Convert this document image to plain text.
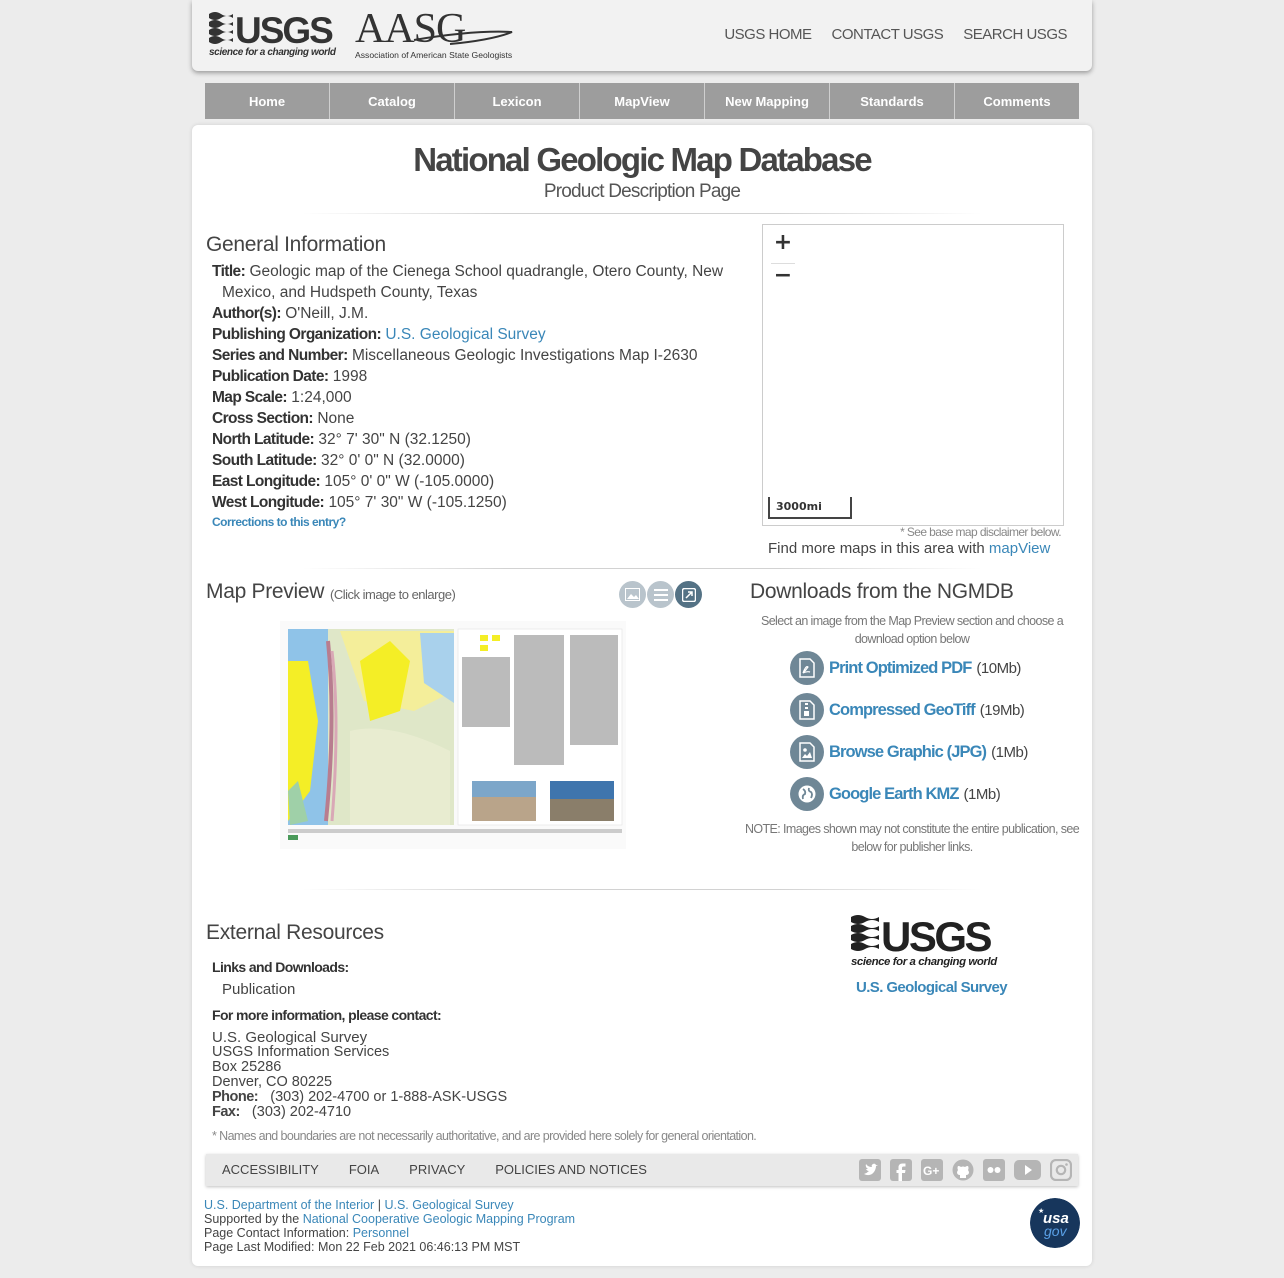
USGS
science for a changing world
AASG
Association of American State Geologists
USGS HOME CONTACT USGS SEARCH USGS
Home	Catalog	Lexicon	MapView	New Mapping	Standards	Comments
National Geologic Map Database
Product Description Page
General Information
Title: Geologic map of the Cienega School quadrangle, Otero County, New Mexico, and Hudspeth County, Texas
Author(s): O'Neill, J.M.
Publishing Organization: U.S. Geological Survey
Series and Number: Miscellaneous Geologic Investigations Map I-2630
Publication Date: 1998
Map Scale: 1:24,000
Cross Section: None
North Latitude: 32° 7' 30" N (32.1250)
South Latitude: 32° 0' 0" N (32.0000)
East Longitude: 105° 0' 0" W (-105.0000)
West Longitude: 105° 7' 30" W (-105.1250)
Corrections to this entry?
+
−
3000mi
* See base map disclaimer below.
Find more maps in this area with mapView
Map Preview (Click image to enlarge)	Downloads from the NGMDB
Select an image from the Map Preview section and choose a download option below
Print Optimized PDF (10Mb)
Compressed GeoTiff (19Mb)
Browse Graphic (JPG) (1Mb)
Google Earth KMZ (1Mb)
NOTE: Images shown may not constitute the entire publication, see below for publisher links.
External Resources
Links and Downloads:
Publication
For more information, please contact:
U.S. Geological Survey
USGS Information Services
Box 25286
Denver, CO 80225
Phone: (303) 202-4700 or 1-888-ASK-USGS
Fax: (303) 202-4710
USGS
science for a changing world
U.S. Geological Survey
* Names and boundaries are not necessarily authoritative, and are provided here solely for general orientation.
ACCESSIBILITY FOIA PRIVACY POLICIES AND NOTICES	G+
U.S. Department of the Interior | U.S. Geological Survey
Supported by the National Cooperative Geologic Mapping Program
Page Contact Information: Personnel
Page Last Modified: Mon 22 Feb 2021 06:46:13 PM MST
usa
gov
★
